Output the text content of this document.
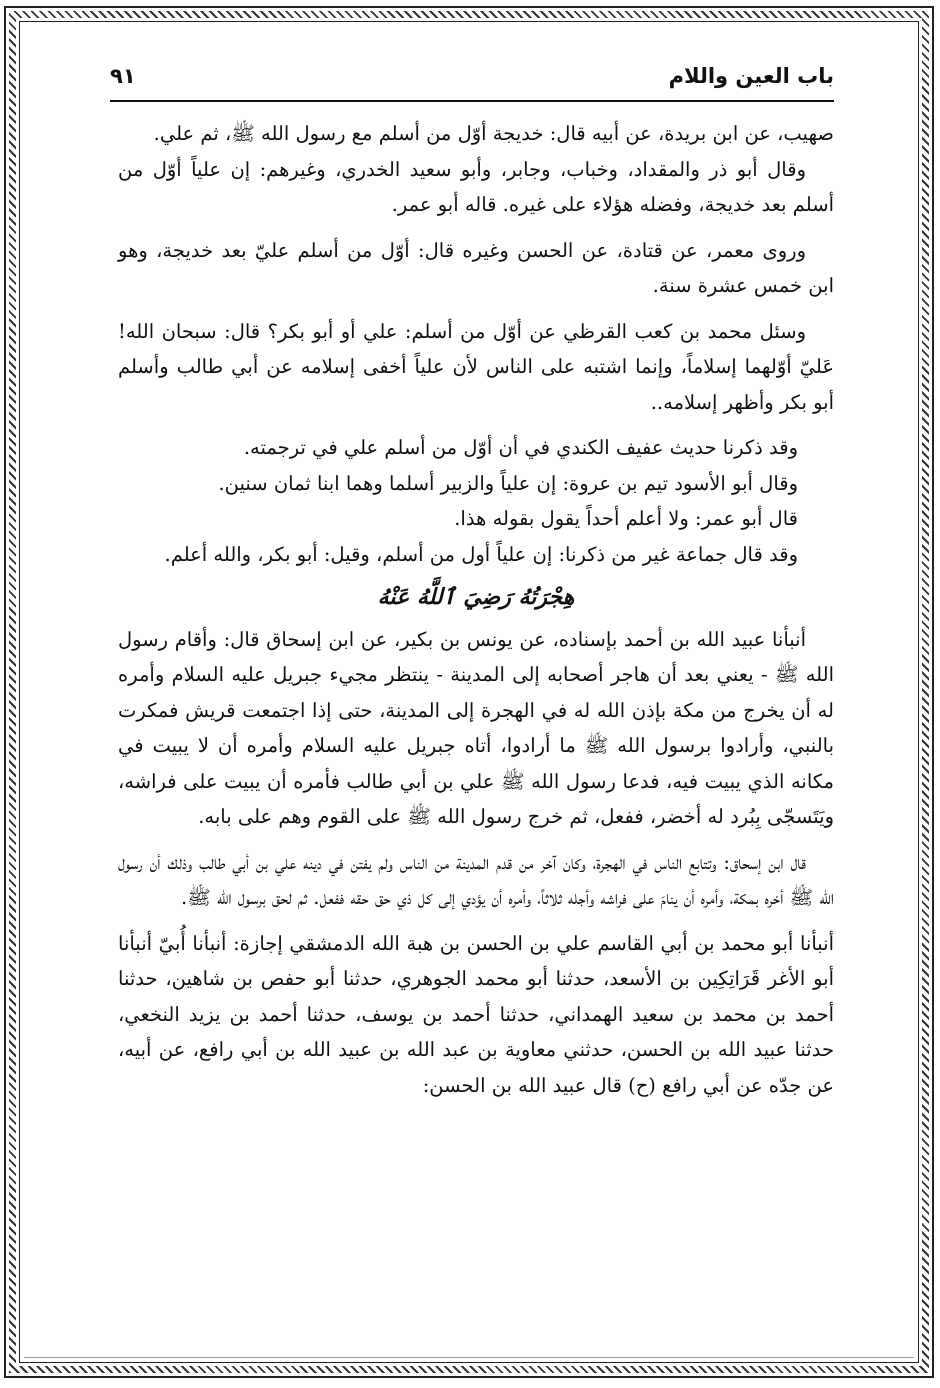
باب العين واللام
٩١

صهيب، عن ابن بريدة، عن أبيه قال: خديجة أوّل من أسلم مع رسول الله ﷺ، ثم علي.

وقال أبو ذر والمقداد، وخباب، وجابر، وأبو سعيد الخدري، وغيرهم: إن علياً أوّل من أسلم بعد خديجة، وفضله هؤلاء على غيره. قاله أبو عمر.

وروى معمر، عن قتادة، عن الحسن وغيره قال: أوّل من أسلم عليّ بعد خديجة، وهو ابن خمس عشرة سنة.

وسئل محمد بن كعب القرظي عن أوّل من أسلم: علي أو أبو بكر؟ قال: سبحان الله! عَليّ أوّلهما إسلاماً، وإنما اشتبه على الناس لأن علياً أخفى إسلامه عن أبي طالب وأسلم أبو بكر وأظهر إسلامه..

وقد ذكرنا حديث عفيف الكندي في أن أوّل من أسلم علي في ترجمته.

وقال أبو الأسود تيم بن عروة: إن علياً والزبير أسلما وهما ابنا ثمان سنين.

قال أبو عمر: ولا أعلم أحداً يقول بقوله هذا.

وقد قال جماعة غير من ذكرنا: إن علياً أول من أسلم، وقيل: أبو بكر، والله أعلم.

هِجْرَتُهُ رَضِيَ ٱللَّهُ عَنْهُ

أنبأنا عبيد الله بن أحمد بإسناده، عن يونس بن بكير، عن ابن إسحاق قال: وأقام رسول الله ﷺ - يعني بعد أن هاجر أصحابه إلى المدينة - ينتظر مجيء جبريل عليه السلام وأمره له أن يخرج من مكة بإذن الله له في الهجرة إلى المدينة، حتى إذا اجتمعت قريش فمكرت بالنبي، وأرادوا برسول الله ﷺ ما أرادوا، أتاه جبريل عليه السلام وأمره أن لا يبيت في مكانه الذي يبيت فيه، فدعا رسول الله ﷺ علي بن أبي طالب فأمره أن يبيت على فراشه، ويَتَسجّى بِبُرد له أخضر، ففعل، ثم خرج رسول الله ﷺ على القوم وهم على بابه.

قال ابن إسحاق: وتتابع الناس في الهجرة، وكان آخر من قدم المدينة من الناس ولم يفتن في دينه علي بن أبي طالب وذلك أن رسول الله ﷺ أخره بمكة، وأمره أن ينامَ على فراشه وأجله ثلاثاً، وأمره أن يؤدي إلى كل ذي حق حقه ففعل. ثم لحق برسول الله ﷺ.

أنبأنا أبو محمد بن أبي القاسم علي بن الحسن بن هبة الله الدمشقي إجازة: أنبأنا أُبيّ أنبأنا أبو الأغر قَرَاتِكِين بن الأسعد، حدثنا أبو محمد الجوهري، حدثنا أبو حفص بن شاهين، حدثنا أحمد بن محمد بن سعيد الهمداني، حدثنا أحمد بن يوسف، حدثنا أحمد بن يزيد النخعي، حدثنا عبيد الله بن الحسن، حدثني معاوية بن عبد الله بن عبيد الله بن أبي رافع، عن أبيه، عن جدّه عن أبي رافع (ح) قال عبيد الله بن الحسن:
